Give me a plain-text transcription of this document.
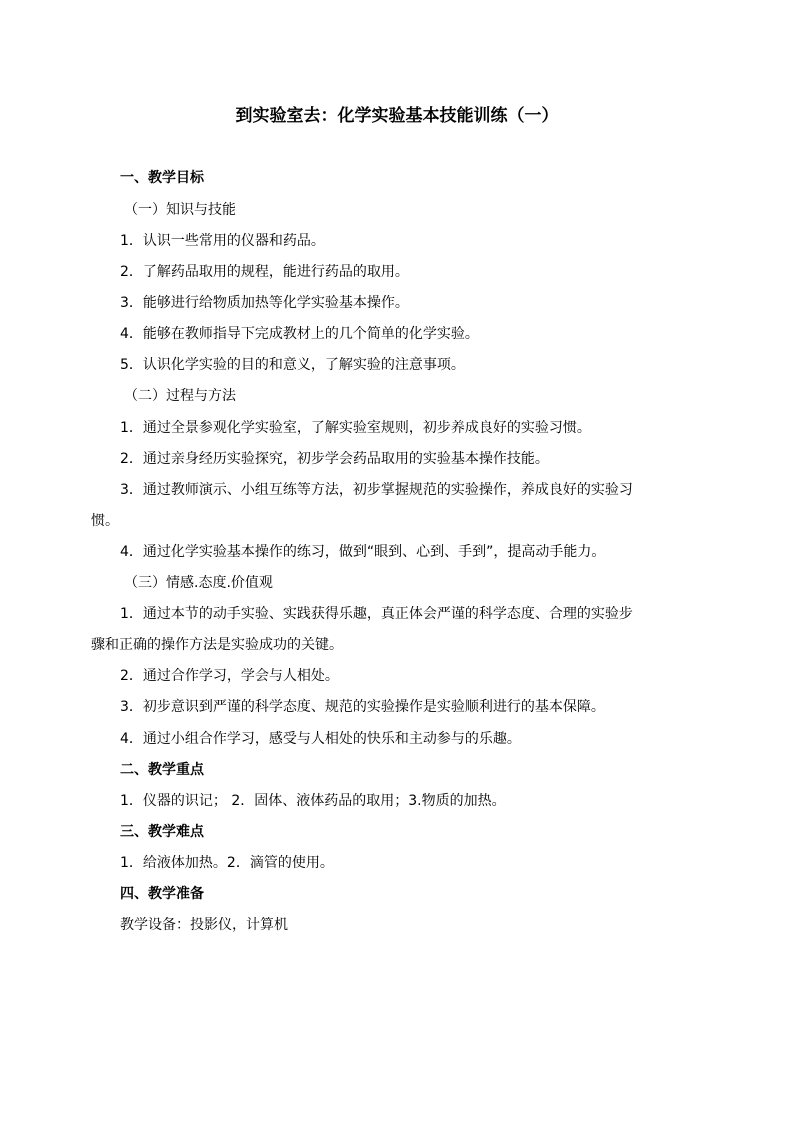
到实验室去：化学实验基本技能训练（一）
一、教学目标
（一）知识与技能
1．认识一些常用的仪器和药品。
2．了解药品取用的规程，能进行药品的取用。
3．能够进行给物质加热等化学实验基本操作。
4．能够在教师指导下完成教材上的几个简单的化学实验。
5．认识化学实验的目的和意义，了解实验的注意事项。
（二）过程与方法
1．通过全景参观化学实验室，了解实验室规则，初步养成良好的实验习惯。
2．通过亲身经历实验探究，初步学会药品取用的实验基本操作技能。
3．通过教师演示、小组互练等方法，初步掌握规范的实验操作，养成良好的实验习
惯。
4．通过化学实验基本操作的练习，做到“眼到、心到、手到”，提高动手能力。
（三）情感.态度.价值观
1．通过本节的动手实验、实践获得乐趣，真正体会严谨的科学态度、合理的实验步
骤和正确的操作方法是实验成功的关键。
2．通过合作学习，学会与人相处。
3．初步意识到严谨的科学态度、规范的实验操作是实验顺利进行的基本保障。
4．通过小组合作学习，感受与人相处的快乐和主动参与的乐趣。
二、教学重点
1．仪器的识记； 2．固体、液体药品的取用；3.物质的加热。
三、教学难点
1．给液体加热。2．滴管的使用。
四、教学准备
教学设备：投影仪，计算机
